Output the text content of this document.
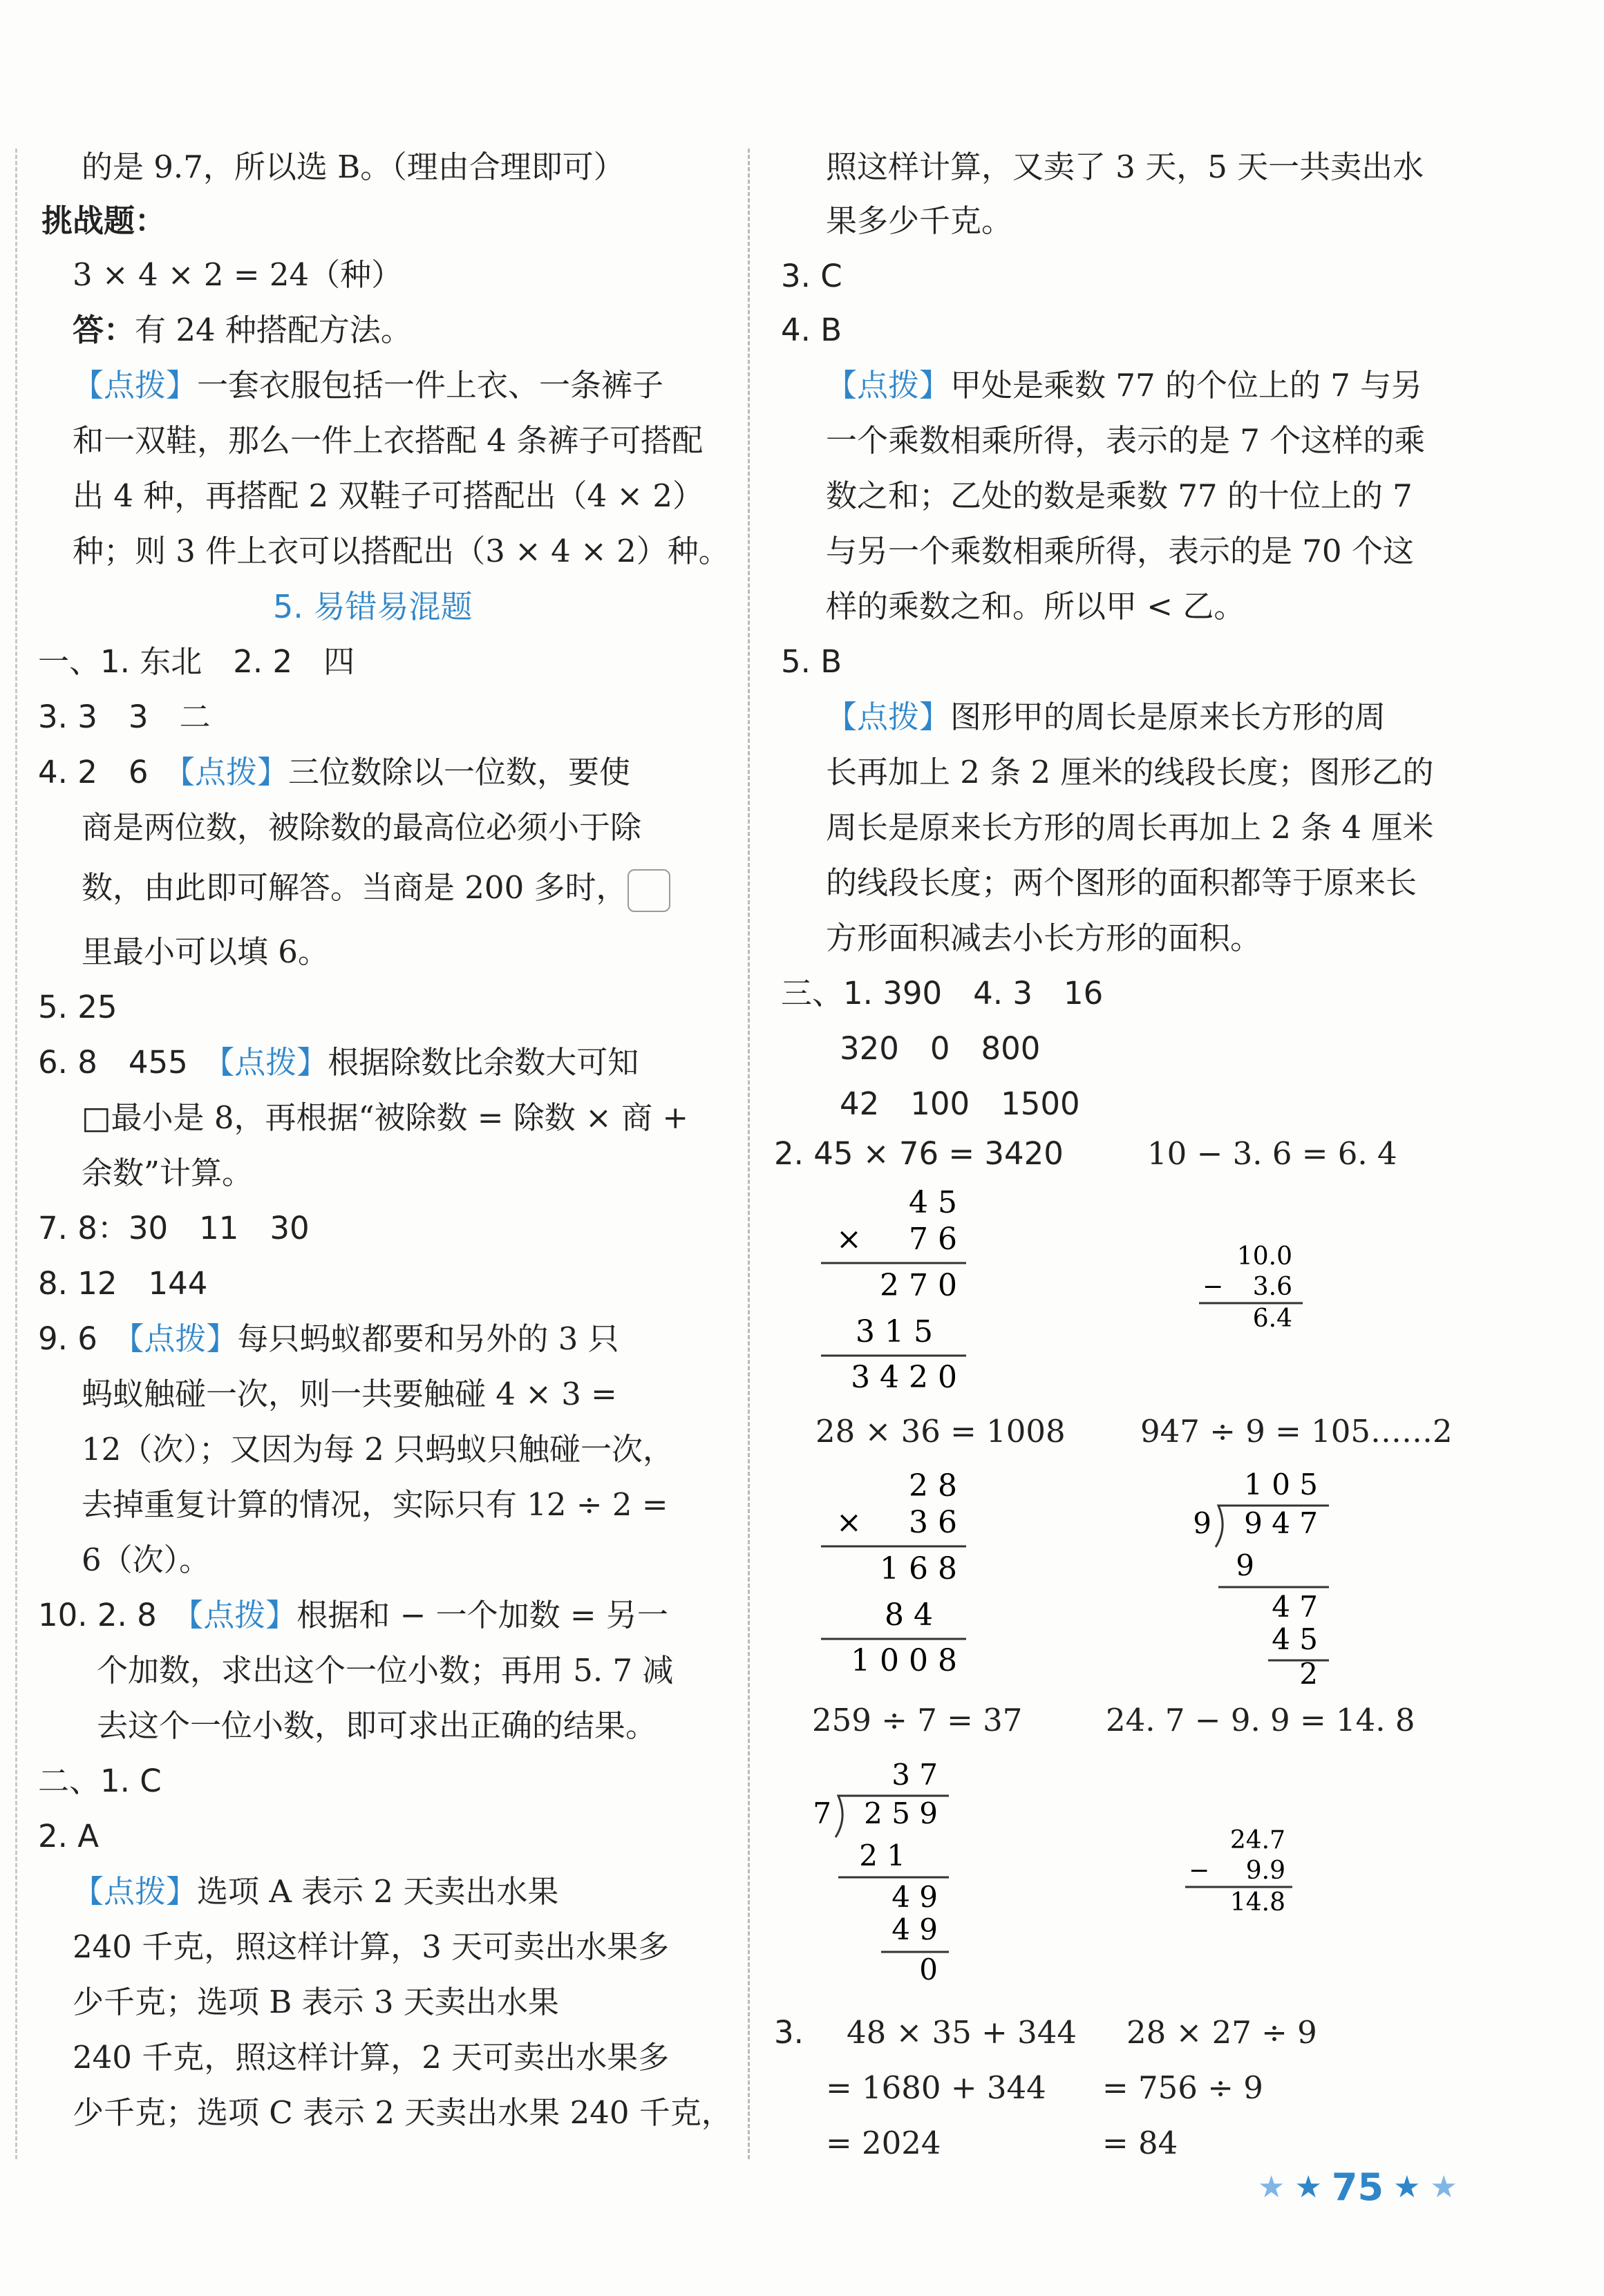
的是 9.7，所以选 B。（理由合理即可）
挑战题：
3 × 4 × 2 = 24（种）
答：有 24 种搭配方法。
【点拨】一套衣服包括一件上衣、一条裤子
和一双鞋，那么一件上衣搭配 4 条裤子可搭配
出 4 种，再搭配 2 双鞋子可搭配出（4 × 2）
种；则 3 件上衣可以搭配出（3 × 4 × 2）种。
5. 易错易混题
一、1. 东北　2. 2　四
3. 3　3　二
4. 2　6　 【点拨】三位数除以一位数，要使
商是两位数，被除数的最高位必须小于除
数，由此即可解答。当商是 200 多时，
里最小可以填 6。
5. 25
6. 8　455　 【点拨】根据除数比余数大可知
□最小是 8，再根据“被除数 = 除数 × 商 +
余数”计算。
7. 8：30　11　30
8. 12　144
9. 6　 【点拨】每只蚂蚁都要和另外的 3 只
蚂蚁触碰一次，则一共要触碰 4 × 3 =
12（次）；又因为每 2 只蚂蚁只触碰一次，
去掉重复计算的情况，实际只有 12 ÷ 2 =
6（次）。
10. 2. 8　 【点拨】根据和 − 一个加数 = 另一
个加数，求出这个一位小数；再用 5. 7 减
去这个一位小数，即可求出正确的结果。
二、1. C
2. A
【点拨】选项 A 表示 2 天卖出水果
240 千克，照这样计算，3 天可卖出水果多
少千克；选项 B 表示 3 天卖出水果
240 千克，照这样计算，2 天可卖出水果多
少千克；选项 C 表示 2 天卖出水果 240 千克，
照这样计算，又卖了 3 天，5 天一共卖出水
果多少千克。
3. C
4. B
【点拨】甲处是乘数 77 的个位上的 7 与另
一个乘数相乘所得，表示的是 7 个这样的乘
数之和；乙处的数是乘数 77 的十位上的 7
与另一个乘数相乘所得，表示的是 70 个这
样的乘数之和。所以甲 < 乙。
5. B
【点拨】图形甲的周长是原来长方形的周
长再加上 2 条 2 厘米的线段长度；图形乙的
周长是原来长方形的周长再加上 2 条 4 厘米
的线段长度；两个图形的面积都等于原来长
方形面积减去小长方形的面积。
三、1. 390　4. 3　16
320　0　800
42　100　1500
2. 45 × 76 = 3420	10 − 3. 6 = 6. 4
4 5
× 7 6
2 7 0
3 1 5
3 4 2 0
10.0
− 3.6
6.4
28 × 36 = 1008 947 ÷ 9 = 105……2
2 8
× 3 6
1 6 8
8 4
1 0 0 8
1 0 5
9 9 4 7
9
4 7
4 5
2
259 ÷ 7 = 37	24. 7 − 9. 9 = 14. 8
3 7
7 2 5 9
2 1
4 9
4 9
0
24.7
− 9.9
14.8
3. 48 × 35 + 344
= 1680 + 344
= 2024
28 × 27 ÷ 9
= 756 ÷ 9
= 84
★ ★ 75 ★ ★
